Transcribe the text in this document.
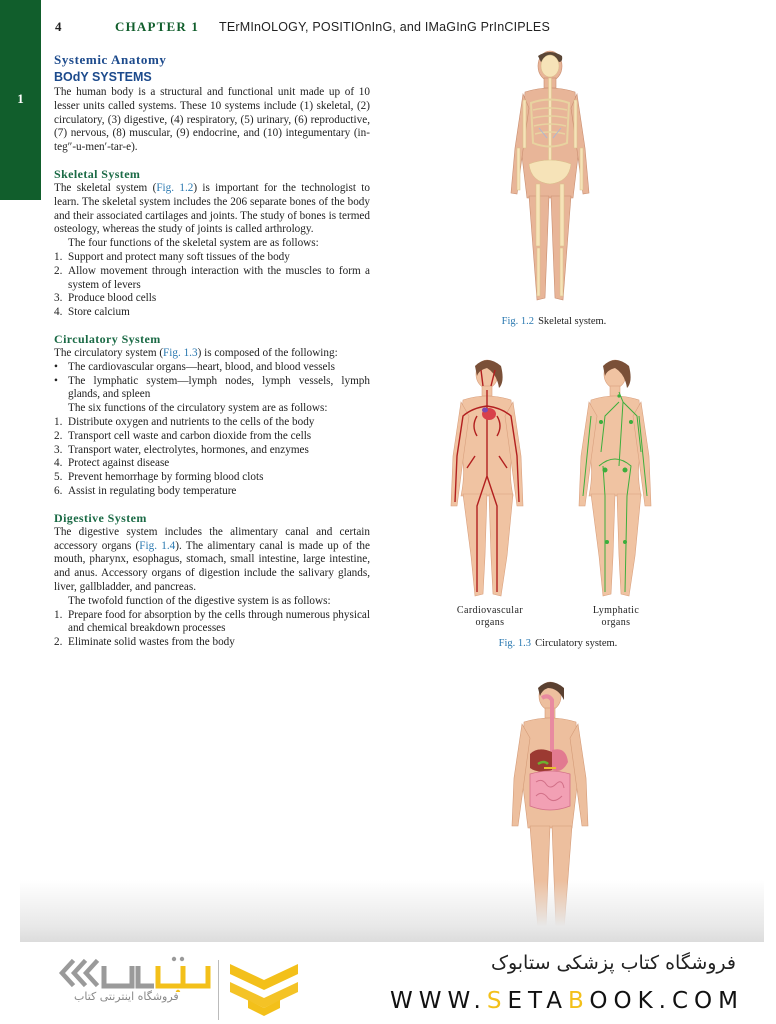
1
4	CHAPTER 1 TErMInOLOGY, POSITIOnInG, and IMaGInG PrInCIPLES
Systemic Anatomy
BOdY SYSTEMS

The human body is a structural and functional unit made up of 10 lesser units called systems. These 10 systems include (1) skeletal, (2) circulatory, (3) digestive, (4) respiratory, (5) urinary, (6) reproductive, (7) nervous, (8) muscular, (9) endocrine, and (10) integumentary (in-teg″-u-men′-tar-e).

Skeletal System

The skeletal system (Fig. 1.2) is important for the technologist to learn. The skeletal system includes the 206 separate bones of the body and their associated cartilages and joints. The study of bones is termed osteology, whereas the study of joints is called arthrology.

The four functions of the skeletal system are as follows:

1. Support and protect many soft tissues of the body
2. Allow movement through interaction with the muscles to form a system of levers
3. Produce blood cells
4. Store calcium
Circulatory System

The circulatory system (Fig. 1.3) is composed of the following:

• The cardiovascular organs—heart, blood, and blood vessels
• The lymphatic system—lymph nodes, lymph vessels, lymph glands, and spleen

The six functions of the circulatory system are as follows:

1. Distribute oxygen and nutrients to the cells of the body
2. Transport cell waste and carbon dioxide from the cells
3. Transport water, electrolytes, hormones, and enzymes
4. Protect against disease
5. Prevent hemorrhage by forming blood clots
6. Assist in regulating body temperature
Digestive System

The digestive system includes the alimentary canal and certain accessory organs (Fig. 1.4). The alimentary canal is made up of the mouth, pharynx, esophagus, stomach, small intestine, large intestine, and anus. Accessory organs of digestion include the salivary glands, liver, gallbladder, and pancreas.

The twofold function of the digestive system is as follows:

1. Prepare food for absorption by the cells through numerous physical and chemical breakdown processes
2. Eliminate solid wastes from the body
Fig. 1.2 Skeletal system.
Cardiovascular
organs
Lymphatic
organs
Fig. 1.3 Circulatory system.
فروشگاه اینترنتی کتاب
فروشگاه کتاب پزشکی ستابوک
WWW.SETABOOK.COM
